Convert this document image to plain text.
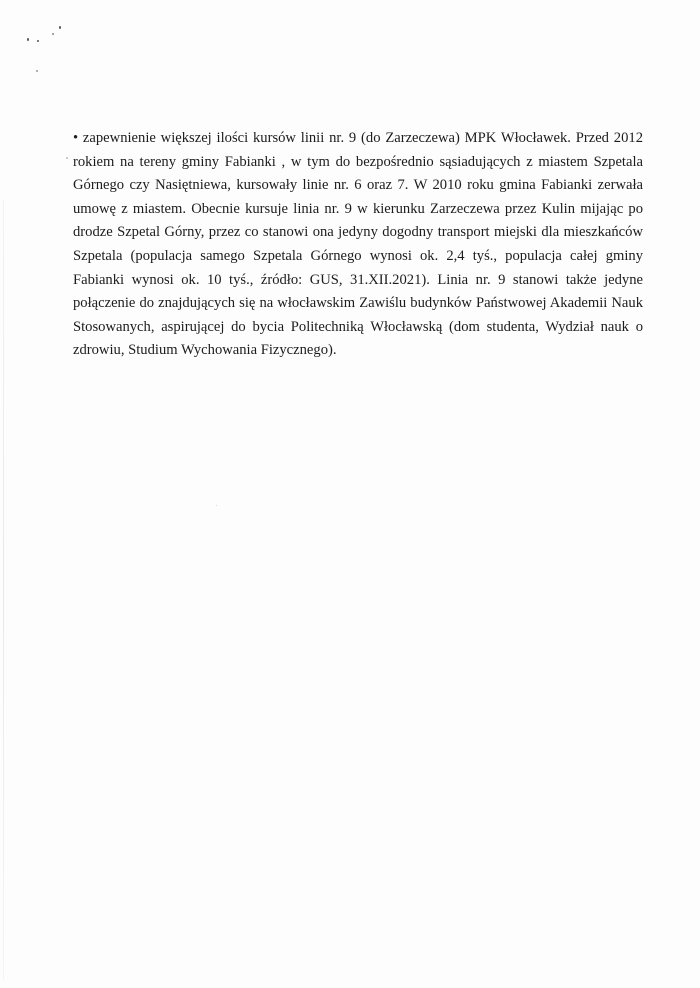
• zapewnienie większej ilości kursów linii nr. 9 (do Zarzeczewa) MPK Włocławek. Przed 2012 rokiem na tereny gminy Fabianki , w tym do bezpośrednio sąsiadujących z miastem Szpetala Górnego czy Nasiętniewa, kursowały linie nr. 6 oraz 7. W 2010 roku gmina Fabianki zerwała umowę z miastem. Obecnie kursuje linia nr. 9 w kierunku Zarzeczewa przez Kulin mijając po drodze Szpetal Górny, przez co stanowi ona jedyny dogodny transport miejski dla mieszkańców Szpetala (populacja samego Szpetala Górnego wynosi ok. 2,4 tyś., populacja całej gminy Fabianki wynosi ok. 10 tyś., źródło: GUS, 31.XII.2021). Linia nr. 9 stanowi także jedyne połączenie do znajdujących się na włocławskim Zawiślu budynków Państwowej Akademii Nauk Stosowanych, aspirującej do bycia Politechniką Włocławską (dom studenta, Wydział nauk o zdrowiu, Studium Wychowania Fizycznego).
